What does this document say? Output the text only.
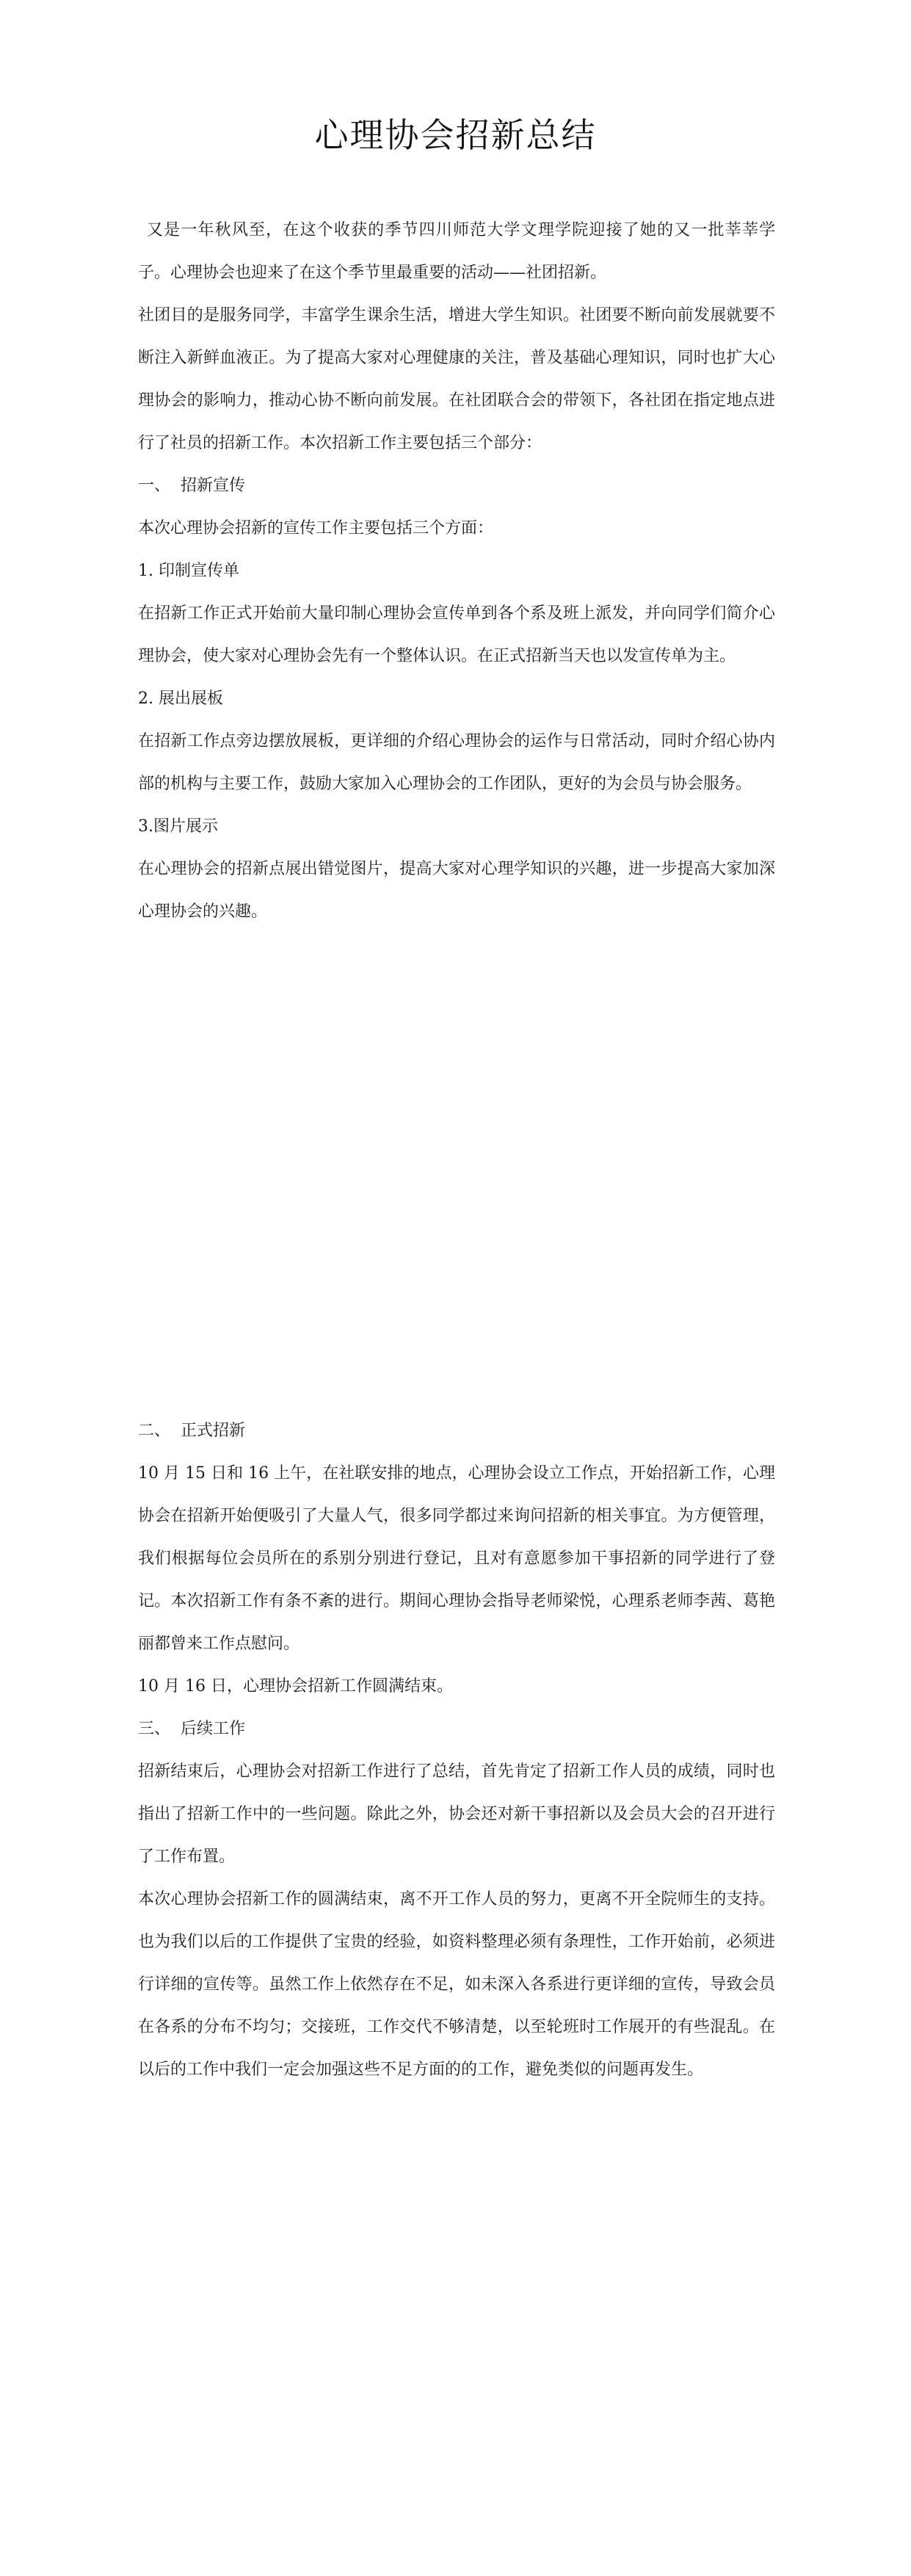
心理协会招新总结

又是一年秋风至，在这个收获的季节四川师范大学文理学院迎接了她的又一批莘莘学子。心理协会也迎来了在这个季节里最重要的活动——社团招新。

社团目的是服务同学，丰富学生课余生活，增进大学生知识。社团要不断向前发展就要不断注入新鲜血液正。为了提高大家对心理健康的关注，普及基础心理知识，同时也扩大心理协会的影响力，推动心协不断向前发展。在社团联合会的带领下，各社团在指定地点进行了社员的招新工作。本次招新工作主要包括三个部分：

一、 招新宣传

本次心理协会招新的宣传工作主要包括三个方面：

1. 印制宣传单

在招新工作正式开始前大量印制心理协会宣传单到各个系及班上派发，并向同学们简介心理协会，使大家对心理协会先有一个整体认识。在正式招新当天也以发宣传单为主。

2. 展出展板

在招新工作点旁边摆放展板，更详细的介绍心理协会的运作与日常活动，同时介绍心协内部的机构与主要工作，鼓励大家加入心理协会的工作团队，更好的为会员与协会服务。

3.图片展示

在心理协会的招新点展出错觉图片，提高大家对心理学知识的兴趣，进一步提高大家加深心理协会的兴趣。

二、 正式招新

10 月 15 日和 16 上午，在社联安排的地点，心理协会设立工作点，开始招新工作，心理协会在招新开始便吸引了大量人气，很多同学都过来询问招新的相关事宜。为方便管理，我们根据每位会员所在的系别分别进行登记，且对有意愿参加干事招新的同学进行了登记。本次招新工作有条不紊的进行。期间心理协会指导老师梁悦，心理系老师李茜、葛艳丽都曾来工作点慰问。

10 月 16 日，心理协会招新工作圆满结束。

三、 后续工作

招新结束后，心理协会对招新工作进行了总结，首先肯定了招新工作人员的成绩，同时也指出了招新工作中的一些问题。除此之外，协会还对新干事招新以及会员大会的召开进行了工作布置。

本次心理协会招新工作的圆满结束，离不开工作人员的努力，更离不开全院师生的支持。也为我们以后的工作提供了宝贵的经验，如资料整理必须有条理性，工作开始前，必须进行详细的宣传等。虽然工作上依然存在不足，如未深入各系进行更详细的宣传，导致会员在各系的分布不均匀；交接班，工作交代不够清楚，以至轮班时工作展开的有些混乱。在以后的工作中我们一定会加强这些不足方面的的工作，避免类似的问题再发生。
